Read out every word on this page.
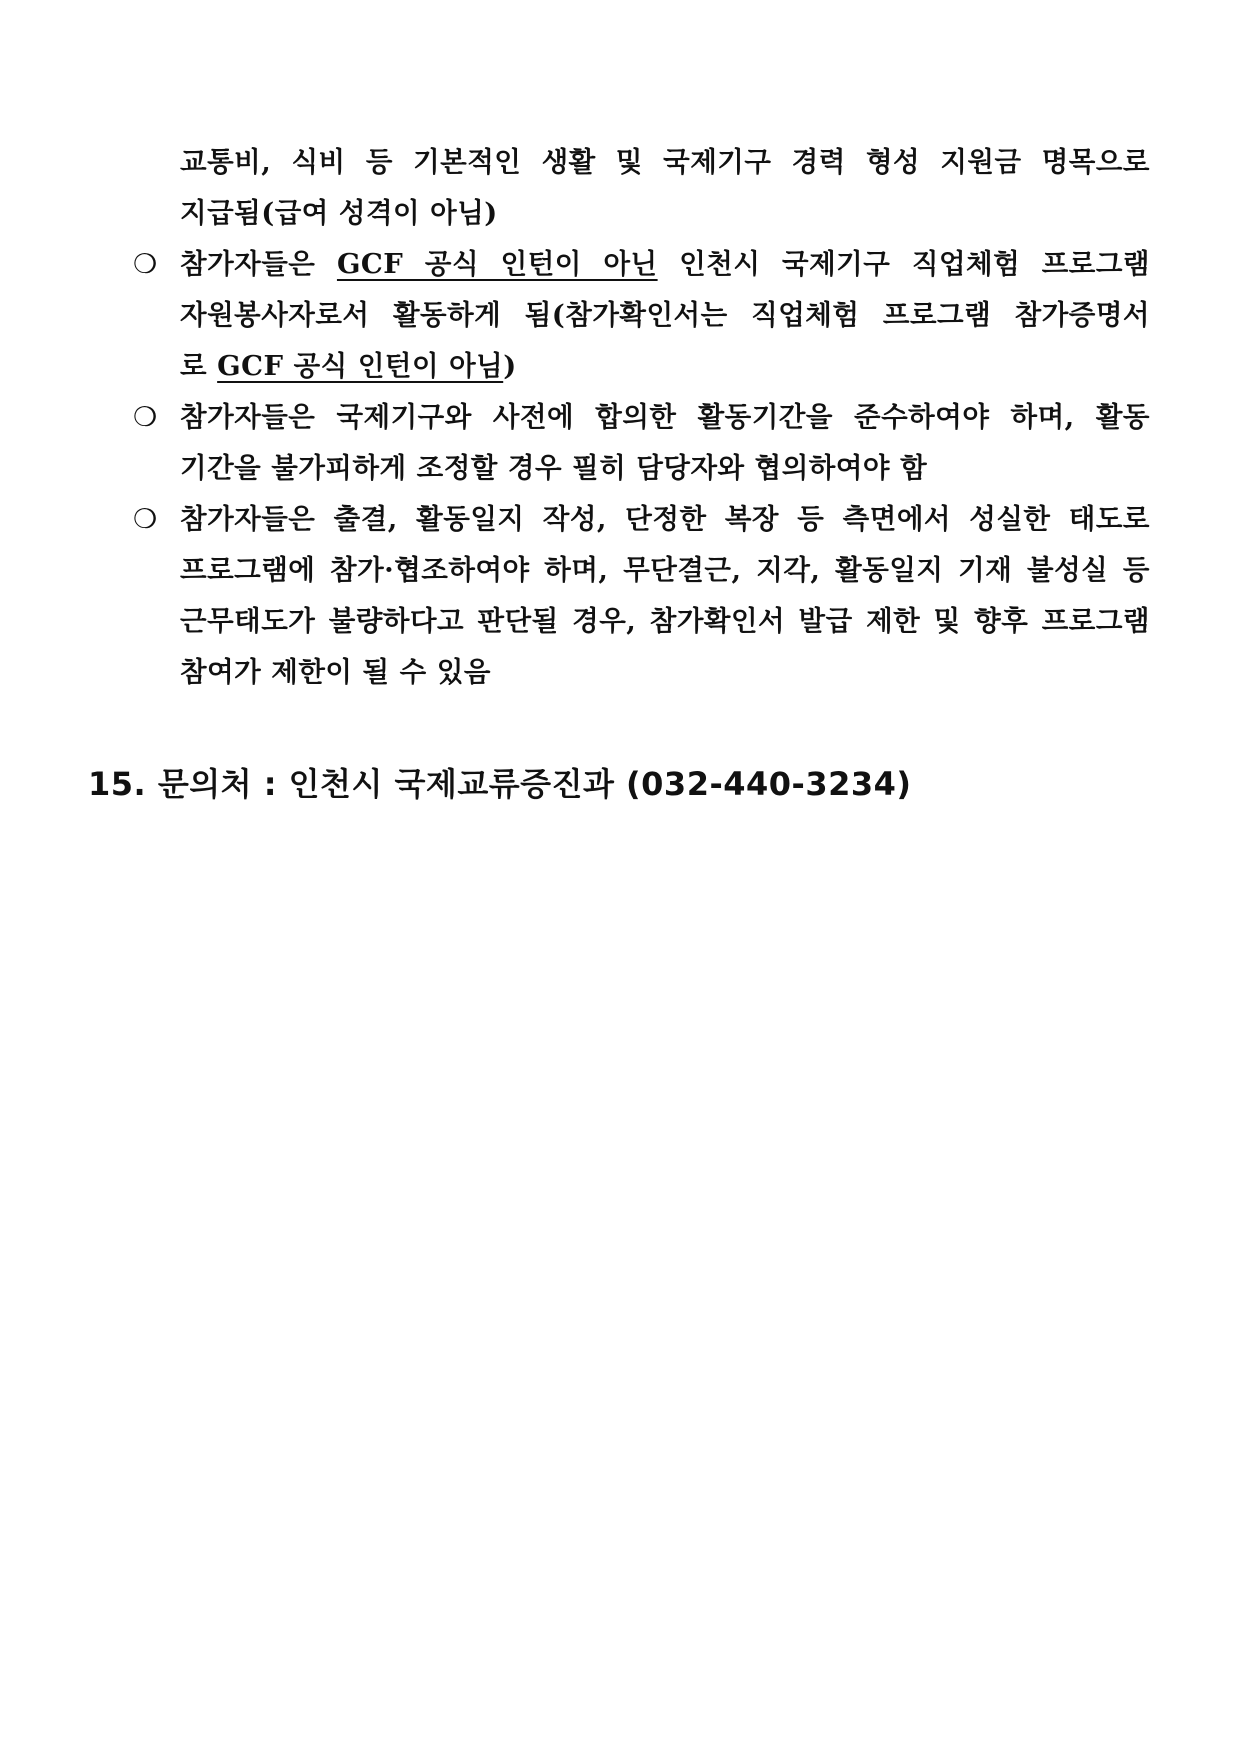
교통비, 식비 등 기본적인 생활 및 국제기구 경력 형성 지원금 명목으로
지급됨(급여 성격이 아님)
❍ 참가자들은 GCF 공식 인턴이 아닌 인천시 국제기구 직업체험 프로그램
자원봉사자로서 활동하게 됨(참가확인서는 직업체험 프로그램 참가증명서
로 GCF 공식 인턴이 아님)
❍ 참가자들은 국제기구와 사전에 합의한 활동기간을 준수하여야 하며, 활동
기간을 불가피하게 조정할 경우 필히 담당자와 협의하여야 함
❍ 참가자들은 출결, 활동일지 작성, 단정한 복장 등 측면에서 성실한 태도로
프로그램에 참가·협조하여야 하며, 무단결근, 지각, 활동일지 기재 불성실 등
근무태도가 불량하다고 판단될 경우, 참가확인서 발급 제한 및 향후 프로그램
참여가 제한이 될 수 있음
15. 문의처 : 인천시 국제교류증진과 (032-440-3234)
